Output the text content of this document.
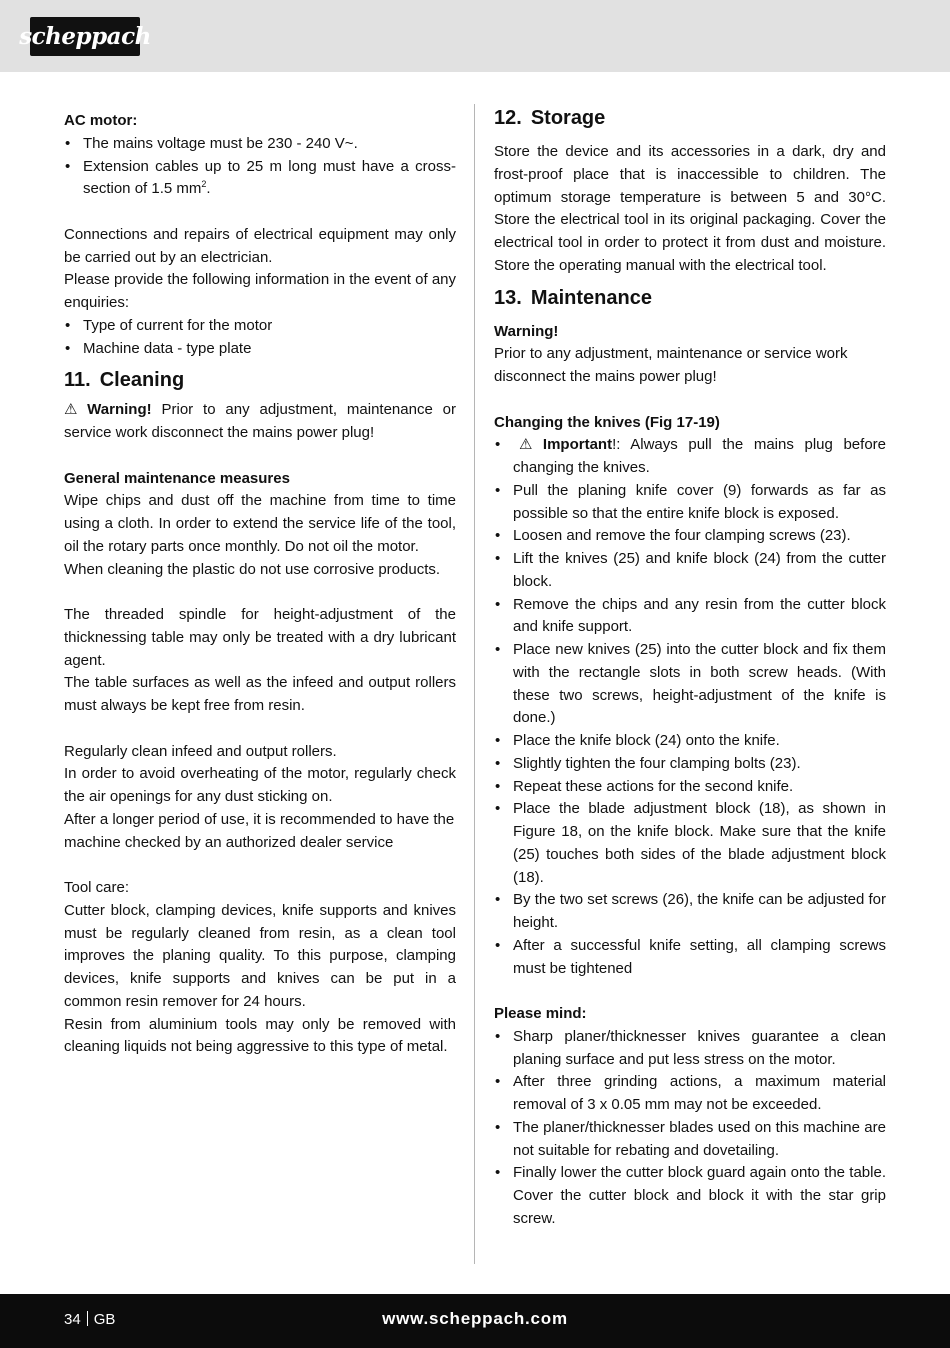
scheppach

AC motor:

• The mains voltage must be 230 - 240 V~.
• Extension cables up to 25 m long must have a cross-section of 1.5 $mm^2$.

Connections and repairs of electrical equipment may only be carried out by an electrician.

Please provide the following information in the event of any enquiries:

• Type of current for the motor
• Machine data - type plate
11. Cleaning

⚠ Warning! Prior to any adjustment, maintenance or service work disconnect the mains power plug!

General maintenance measures

Wipe chips and dust off the machine from time to time using a cloth. In order to extend the service life of the tool, oil the rotary parts once monthly. Do not oil the motor.

When cleaning the plastic do not use corrosive products.

The threaded spindle for height-adjustment of the thicknessing table may only be treated with a dry lubricant agent.

The table surfaces as well as the infeed and output rollers must always be kept free from resin.

Regularly clean infeed and output rollers.

In order to avoid overheating of the motor, regularly check the air openings for any dust sticking on.

After a longer period of use, it is recommended to have the machine checked by an authorized dealer service

Tool care:

Cutter block, clamping devices, knife supports and knives must be regularly cleaned from resin, as a clean tool improves the planing quality. To this purpose, clamping devices, knife supports and knives can be put in a common resin remover for 24 hours.

Resin from aluminium tools may only be removed with cleaning liquids not being aggressive to this type of metal.

12. Storage

Store the device and its accessories in a dark, dry and frost-proof place that is inaccessible to children. The optimum storage temperature is between 5 and 30°C. Store the electrical tool in its original packaging. Cover the electrical tool in order to protect it from dust and moisture. Store the operating manual with the electrical tool.

13. Maintenance

Warning!

Prior to any adjustment, maintenance or service work disconnect the mains power plug!

Changing the knives (Fig 17-19)

• ⚠ Important!: Always pull the mains plug before changing the knives.
• Pull the planing knife cover (9) forwards as far as possible so that the entire knife block is exposed.
• Loosen and remove the four clamping screws (23).
• Lift the knives (25) and knife block (24) from the cutter block.
• Remove the chips and any resin from the cutter block and knife support.
• Place new knives (25) into the cutter block and fix them with the rectangle slots in both screw heads. (With these two screws, height-adjustment of the knife is done.)
• Place the knife block (24) onto the knife.
• Slightly tighten the four clamping bolts (23).
• Repeat these actions for the second knife.
• Place the blade adjustment block (18), as shown in Figure 18, on the knife block. Make sure that the knife (25) touches both sides of the blade adjustment block (18).
• By the two set screws (26), the knife can be adjusted for height.
• After a successful knife setting, all clamping screws must be tightened

Please mind:

• Sharp planer/thicknesser knives guarantee a clean planing surface and put less stress on the motor.
• After three grinding actions, a maximum material removal of 3 x 0.05 mm may not be exceeded.
• The planer/thicknesser blades used on this machine are not suitable for rebating and dovetailing.
• Finally lower the cutter block guard again onto the table. Cover the cutter block and block it with the star grip screw.
34 GB	www.scheppach.com
